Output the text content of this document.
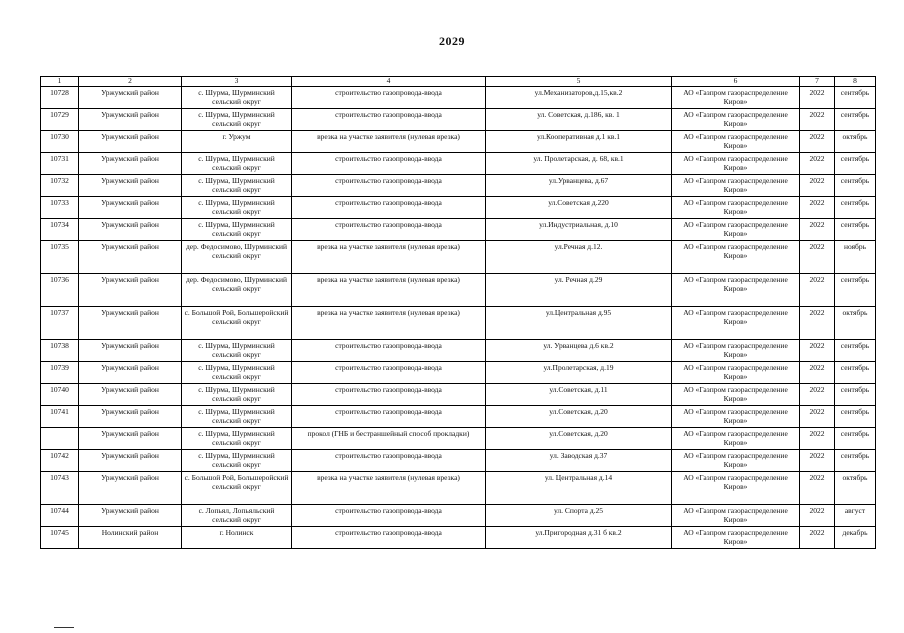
2029
1	2	3	4	5	6	7	8
10728	Уржумский район	с. Шурма, Шурминский сельский округ	строительство газопровода-ввода	ул.Механизаторов,д.15,кв.2	АО «Газпром газораспределение Киров»	2022	сентябрь
10729	Уржумский район	с. Шурма, Шурминский сельский округ	строительство газопровода-ввода	ул. Советская, д.186, кв. 1	АО «Газпром газораспределение Киров»	2022	сентябрь
10730	Уржумский район	г. Уржум	врезка на участке заявителя (нулевая врезка)	ул.Кооперативная д.1 кв.1	АО «Газпром газораспределение Киров»	2022	октябрь
10731	Уржумский район	с. Шурма, Шурминский сельский округ	строительство газопровода-ввода	ул. Пролетарская, д. 68, кв.1	АО «Газпром газораспределение Киров»	2022	сентябрь
10732	Уржумский район	с. Шурма, Шурминский сельский округ	строительство газопровода-ввода	ул.Урванцева, д.67	АО «Газпром газораспределение Киров»	2022	сентябрь
10733	Уржумский район	с. Шурма, Шурминский сельский округ	строительство газопровода-ввода	ул.Советская д.220	АО «Газпром газораспределение Киров»	2022	сентябрь
10734	Уржумский район	с. Шурма, Шурминский сельский округ	строительство газопровода-ввода	ул.Индустриальная, д.10	АО «Газпром газораспределение Киров»	2022	сентябрь
10735	Уржумский район	дер. Федосимово, Шурминский сельский округ	врезка на участке заявителя (нулевая врезка)	ул.Речная д.12.	АО «Газпром газораспределение Киров»	2022	ноябрь
10736	Уржумский район	дер. Федосимово, Шурминский сельский округ	врезка на участке заявителя (нулевая врезка)	ул. Речная д.29	АО «Газпром газораспределение Киров»	2022	сентябрь
10737	Уржумский район	с. Большой Рой, Большеройский сельский округ	врезка на участке заявителя (нулевая врезка)	ул.Центральная д.95	АО «Газпром газораспределение Киров»	2022	октябрь
10738	Уржумский район	с. Шурма, Шурминский сельский округ	строительство газопровода-ввода	ул. Урванцева д.6 кв.2	АО «Газпром газораспределение Киров»	2022	сентябрь
10739	Уржумский район	с. Шурма, Шурминский сельский округ	строительство газопровода-ввода	ул.Пролетарская, д.19	АО «Газпром газораспределение Киров»	2022	сентябрь
10740	Уржумский район	с. Шурма, Шурминский сельский округ	строительство газопровода-ввода	ул.Советская, д.11	АО «Газпром газораспределение Киров»	2022	сентябрь
10741	Уржумский район	с. Шурма, Шурминский сельский округ	строительство газопровода-ввода	ул.Советская, д.20	АО «Газпром газораспределение Киров»	2022	сентябрь
	Уржумский район	с. Шурма, Шурминский сельский округ	прокол (ГНБ и бестраншейный способ прокладки)	ул.Советская, д.20	АО «Газпром газораспределение Киров»	2022	сентябрь
10742	Уржумский район	с. Шурма, Шурминский сельский округ	строительство газопровода-ввода	ул. Заводская д.37	АО «Газпром газораспределение Киров»	2022	сентябрь
10743	Уржумский район	с. Большой Рой, Большеройский сельский округ	врезка на участке заявителя (нулевая врезка)	ул. Центральная д.14	АО «Газпром газораспределение Киров»	2022	октябрь
10744	Уржумский район	с. Лопьял, Лопьяльский сельский округ	строительство газопровода-ввода	ул. Спорта д.25	АО «Газпром газораспределение Киров»	2022	август
10745	Нолинский район	г. Нолинск	строительство газопровода-ввода	ул.Пригородная д.31 б кв.2	АО «Газпром газораспределение Киров»	2022	декабрь
